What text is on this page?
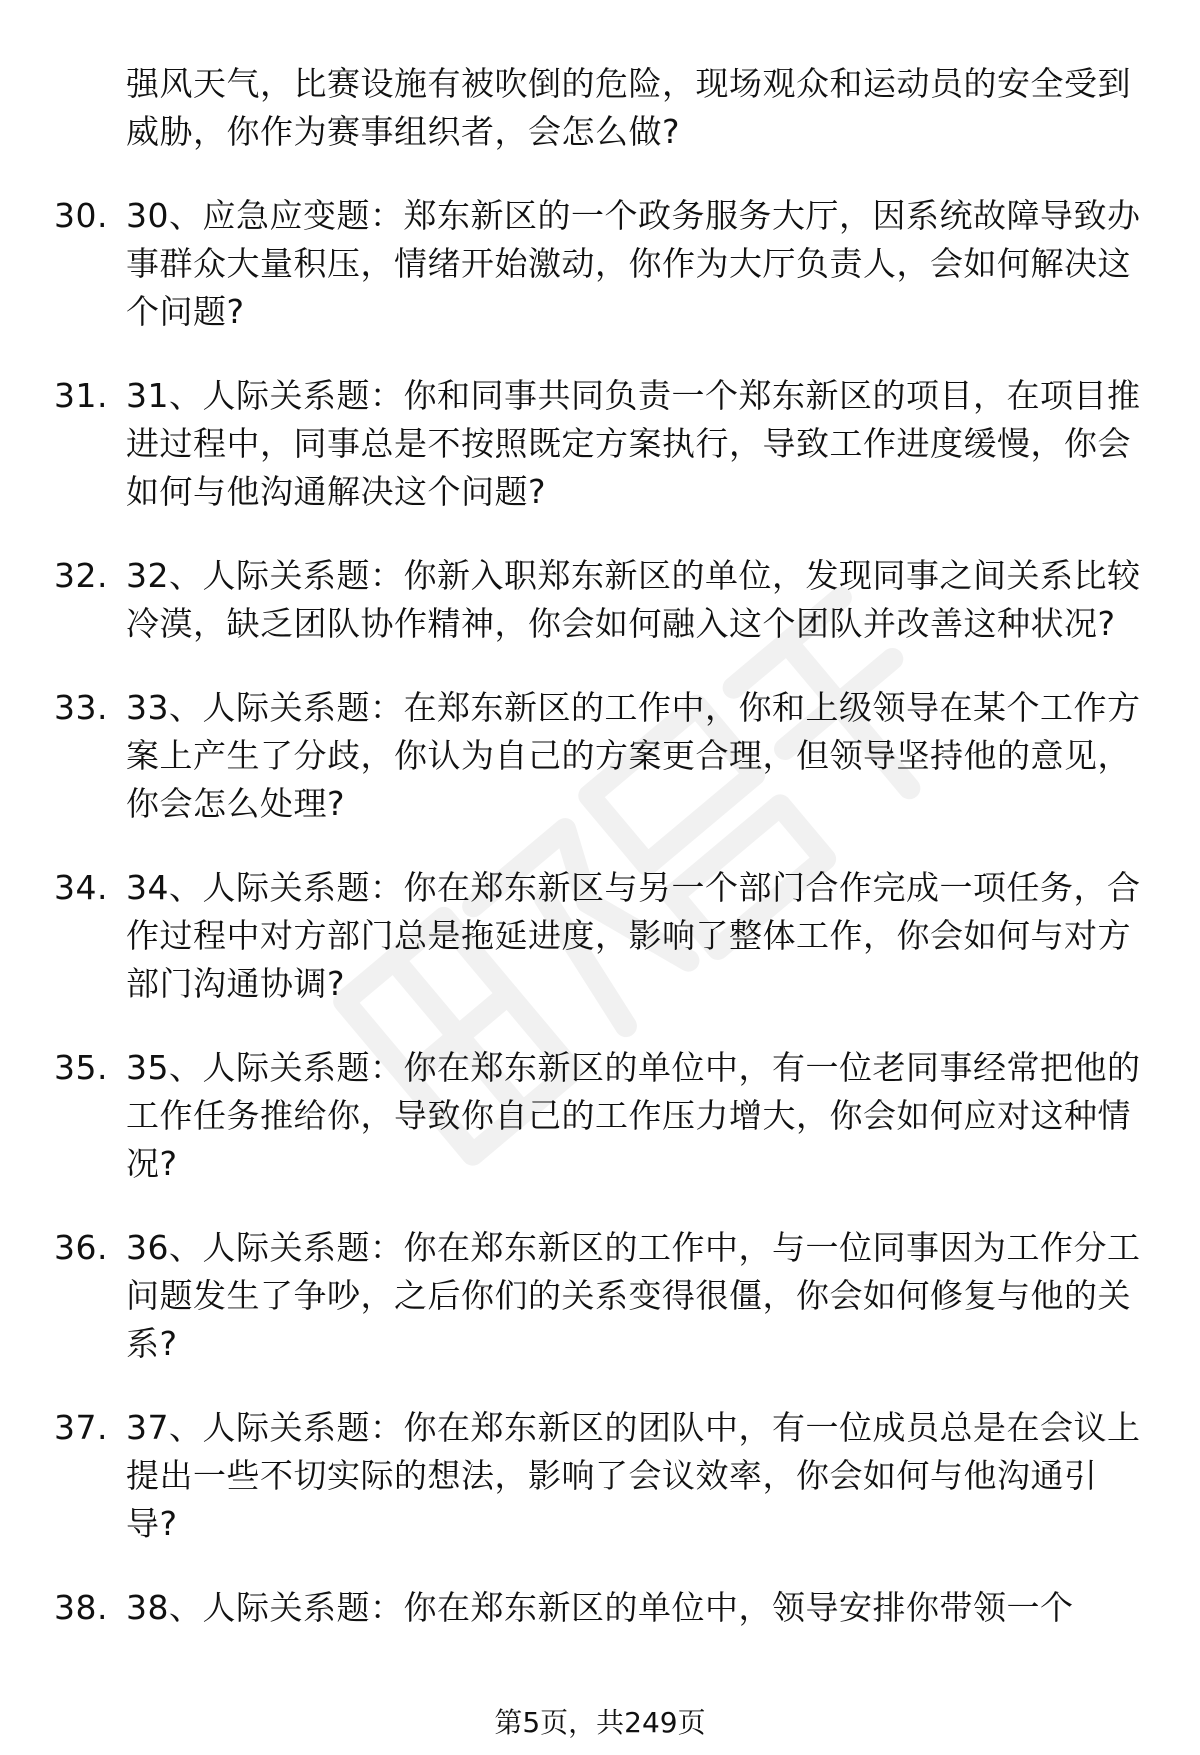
强风天气，比赛设施有被吹倒的危险，现场观众和运动员的安全受到威胁，你作为赛事组织者，会怎么做?
30. 30、应急应变题：郑东新区的一个政务服务大厅，因系统故障导致办事群众大量积压，情绪开始激动，你作为大厅负责人，会如何解决这个问题?
31. 31、人际关系题：你和同事共同负责一个郑东新区的项目，在项目推进过程中，同事总是不按照既定方案执行，导致工作进度缓慢，你会如何与他沟通解决这个问题?
32. 32、人际关系题：你新入职郑东新区的单位，发现同事之间关系比较冷漠，缺乏团队协作精神，你会如何融入这个团队并改善这种状况?
33. 33、人际关系题：在郑东新区的工作中，你和上级领导在某个工作方案上产生了分歧，你认为自己的方案更合理，但领导坚持他的意见，你会怎么处理?
34. 34、人际关系题：你在郑东新区与另一个部门合作完成一项任务，合作过程中对方部门总是拖延进度，影响了整体工作，你会如何与对方部门沟通协调?
35. 35、人际关系题：你在郑东新区的单位中，有一位老同事经常把他的工作任务推给你，导致你自己的工作压力增大，你会如何应对这种情况?
36. 36、人际关系题：你在郑东新区的工作中，与一位同事因为工作分工问题发生了争吵，之后你们的关系变得很僵，你会如何修复与他的关系?
37. 37、人际关系题：你在郑东新区的团队中，有一位成员总是在会议上提出一些不切实际的想法，影响了会议效率，你会如何与他沟通引导?
38. 38、人际关系题：你在郑东新区的单位中，领导安排你带领一个
第5页，共249页
